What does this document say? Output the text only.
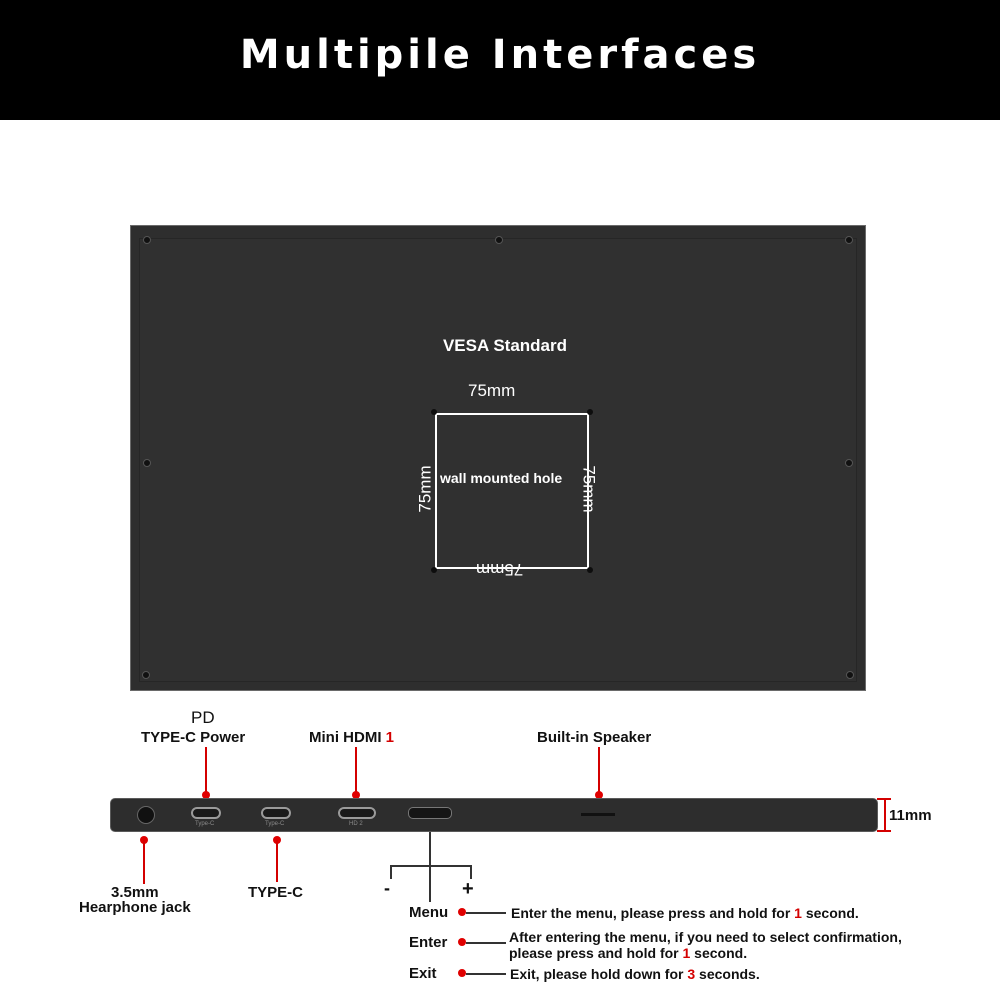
Multipile Interfaces
VESA Standard
75mm
wall mounted hole
75mm	75mm
75mm
PD
TYPE-C Power	Mini HDMI 1	Built-in Speaker
Type-C	Type-C	HD 2	11mm
3.5mm
Hearphone jack
TYPE-C	-	+
Menu	Enter the menu, please press and hold for 1 second.
Enter	After entering the menu, if you need to select confirmation,
please press and hold for 1 second.
Exit	Exit, please hold down for 3 seconds.
